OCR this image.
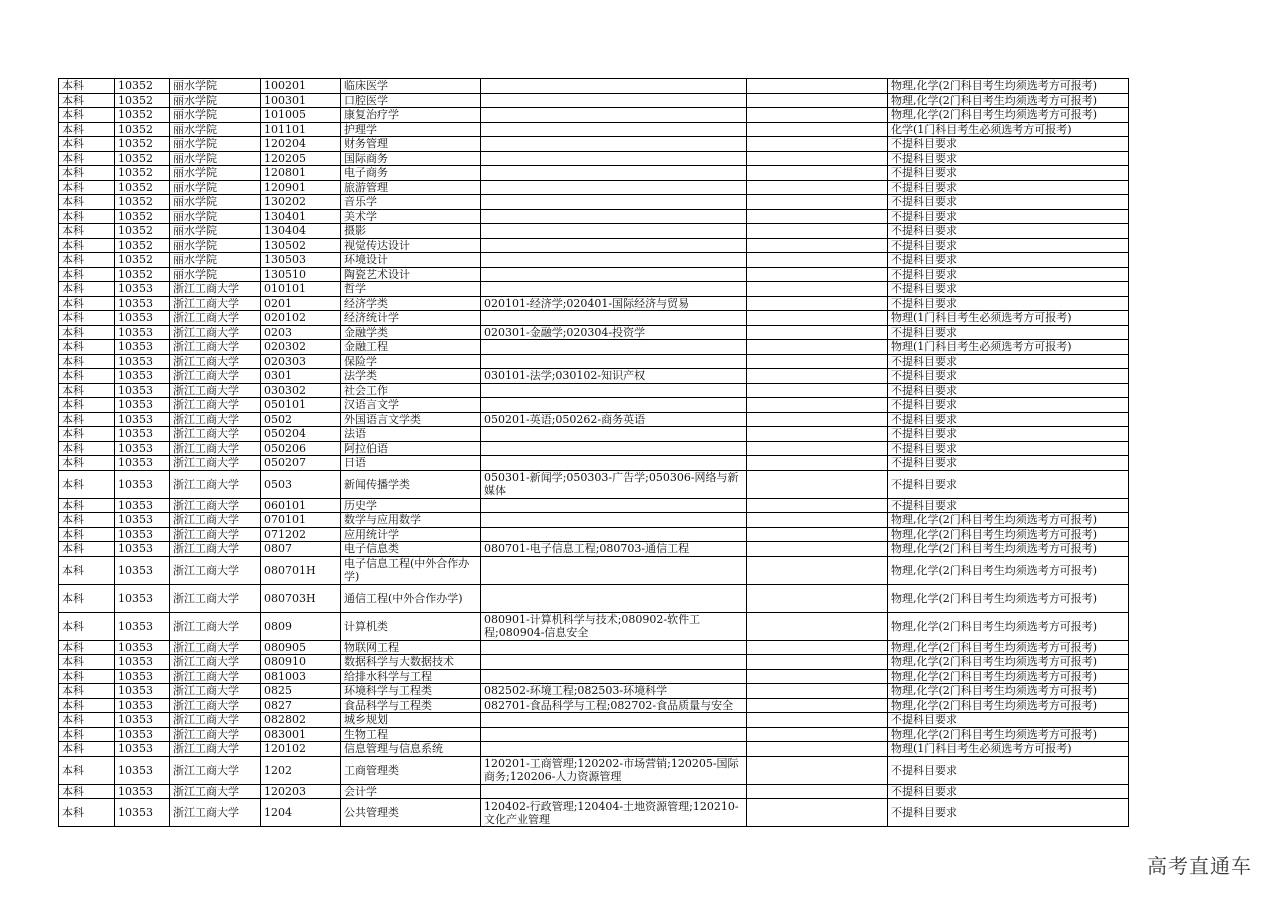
本科	10352	丽水学院	100201	临床医学			物理,化学(2门科目考生均须选考方可报考)
本科	10352	丽水学院	100301	口腔医学			物理,化学(2门科目考生均须选考方可报考)
本科	10352	丽水学院	101005	康复治疗学			物理,化学(2门科目考生均须选考方可报考)
本科	10352	丽水学院	101101	护理学			化学(1门科目考生必须选考方可报考)
本科	10352	丽水学院	120204	财务管理			不提科目要求
本科	10352	丽水学院	120205	国际商务			不提科目要求
本科	10352	丽水学院	120801	电子商务			不提科目要求
本科	10352	丽水学院	120901	旅游管理			不提科目要求
本科	10352	丽水学院	130202	音乐学			不提科目要求
本科	10352	丽水学院	130401	美术学			不提科目要求
本科	10352	丽水学院	130404	摄影			不提科目要求
本科	10352	丽水学院	130502	视觉传达设计			不提科目要求
本科	10352	丽水学院	130503	环境设计			不提科目要求
本科	10352	丽水学院	130510	陶瓷艺术设计			不提科目要求
本科	10353	浙江工商大学	010101	哲学			不提科目要求
本科	10353	浙江工商大学	0201	经济学类	020101-经济学;020401-国际经济与贸易		不提科目要求
本科	10353	浙江工商大学	020102	经济统计学			物理(1门科目考生必须选考方可报考)
本科	10353	浙江工商大学	0203	金融学类	020301-金融学;020304-投资学		不提科目要求
本科	10353	浙江工商大学	020302	金融工程			物理(1门科目考生必须选考方可报考)
本科	10353	浙江工商大学	020303	保险学			不提科目要求
本科	10353	浙江工商大学	0301	法学类	030101-法学;030102-知识产权		不提科目要求
本科	10353	浙江工商大学	030302	社会工作			不提科目要求
本科	10353	浙江工商大学	050101	汉语言文学			不提科目要求
本科	10353	浙江工商大学	0502	外国语言文学类	050201-英语;050262-商务英语		不提科目要求
本科	10353	浙江工商大学	050204	法语			不提科目要求
本科	10353	浙江工商大学	050206	阿拉伯语			不提科目要求
本科	10353	浙江工商大学	050207	日语			不提科目要求
本科	10353	浙江工商大学	0503	新闻传播学类	050301-新闻学;050303-广告学;050306-网络与新媒体		不提科目要求
本科	10353	浙江工商大学	060101	历史学			不提科目要求
本科	10353	浙江工商大学	070101	数学与应用数学			物理,化学(2门科目考生均须选考方可报考)
本科	10353	浙江工商大学	071202	应用统计学			物理,化学(2门科目考生均须选考方可报考)
本科	10353	浙江工商大学	0807	电子信息类	080701-电子信息工程;080703-通信工程		物理,化学(2门科目考生均须选考方可报考)
本科	10353	浙江工商大学	080701H	电子信息工程(中外合作办学)			物理,化学(2门科目考生均须选考方可报考)
本科	10353	浙江工商大学	080703H	通信工程(中外合作办学)			物理,化学(2门科目考生均须选考方可报考)
本科	10353	浙江工商大学	0809	计算机类	080901-计算机科学与技术;080902-软件工程;080904-信息安全		物理,化学(2门科目考生均须选考方可报考)
本科	10353	浙江工商大学	080905	物联网工程			物理,化学(2门科目考生均须选考方可报考)
本科	10353	浙江工商大学	080910	数据科学与大数据技术			物理,化学(2门科目考生均须选考方可报考)
本科	10353	浙江工商大学	081003	给排水科学与工程			物理,化学(2门科目考生均须选考方可报考)
本科	10353	浙江工商大学	0825	环境科学与工程类	082502-环境工程;082503-环境科学		物理,化学(2门科目考生均须选考方可报考)
本科	10353	浙江工商大学	0827	食品科学与工程类	082701-食品科学与工程;082702-食品质量与安全		物理,化学(2门科目考生均须选考方可报考)
本科	10353	浙江工商大学	082802	城乡规划			不提科目要求
本科	10353	浙江工商大学	083001	生物工程			物理,化学(2门科目考生均须选考方可报考)
本科	10353	浙江工商大学	120102	信息管理与信息系统			物理(1门科目考生必须选考方可报考)
本科	10353	浙江工商大学	1202	工商管理类	120201-工商管理;120202-市场营销;120205-国际商务;120206-人力资源管理		不提科目要求
本科	10353	浙江工商大学	120203	会计学			不提科目要求
本科	10353	浙江工商大学	1204	公共管理类	120402-行政管理;120404-土地资源管理;120210-文化产业管理		不提科目要求
高考直通车
